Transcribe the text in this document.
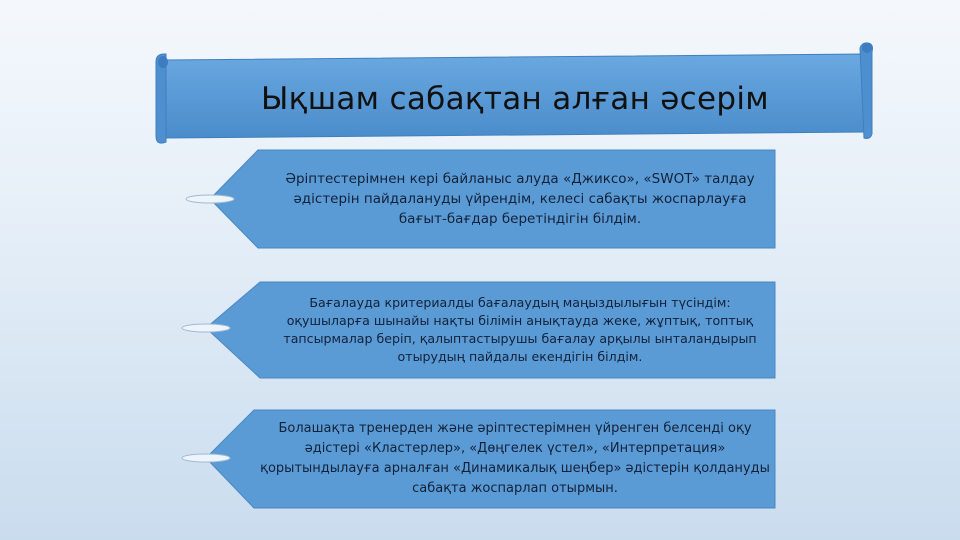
Ықшам сабақтан алған әсерім
Әріптестерімнен кері байланыс алуда «Джиксо», «SWOT» талдау әдістерін пайдалануды үйрендім, келесі сабақты жоспарлауға бағыт-бағдар беретіндігін білдім.
Бағалауда критериалды бағалаудың маңыздылығын түсіндім: оқушыларға шынайы нақты білімін анықтауда жеке, жұптық, топтық тапсырмалар беріп, қалыптастырушы бағалау арқылы ынталандырып отырудың пайдалы екендігін білдім.
Болашақта тренерден және әріптестерімнен үйренген белсенді оқу әдістері «Кластерлер», «Дөңгелек үстел», «Интерпретация» қорытындылауға арналған «Динамикалық шеңбер» әдістерін қолдануды сабақта жоспарлап отырмын.
